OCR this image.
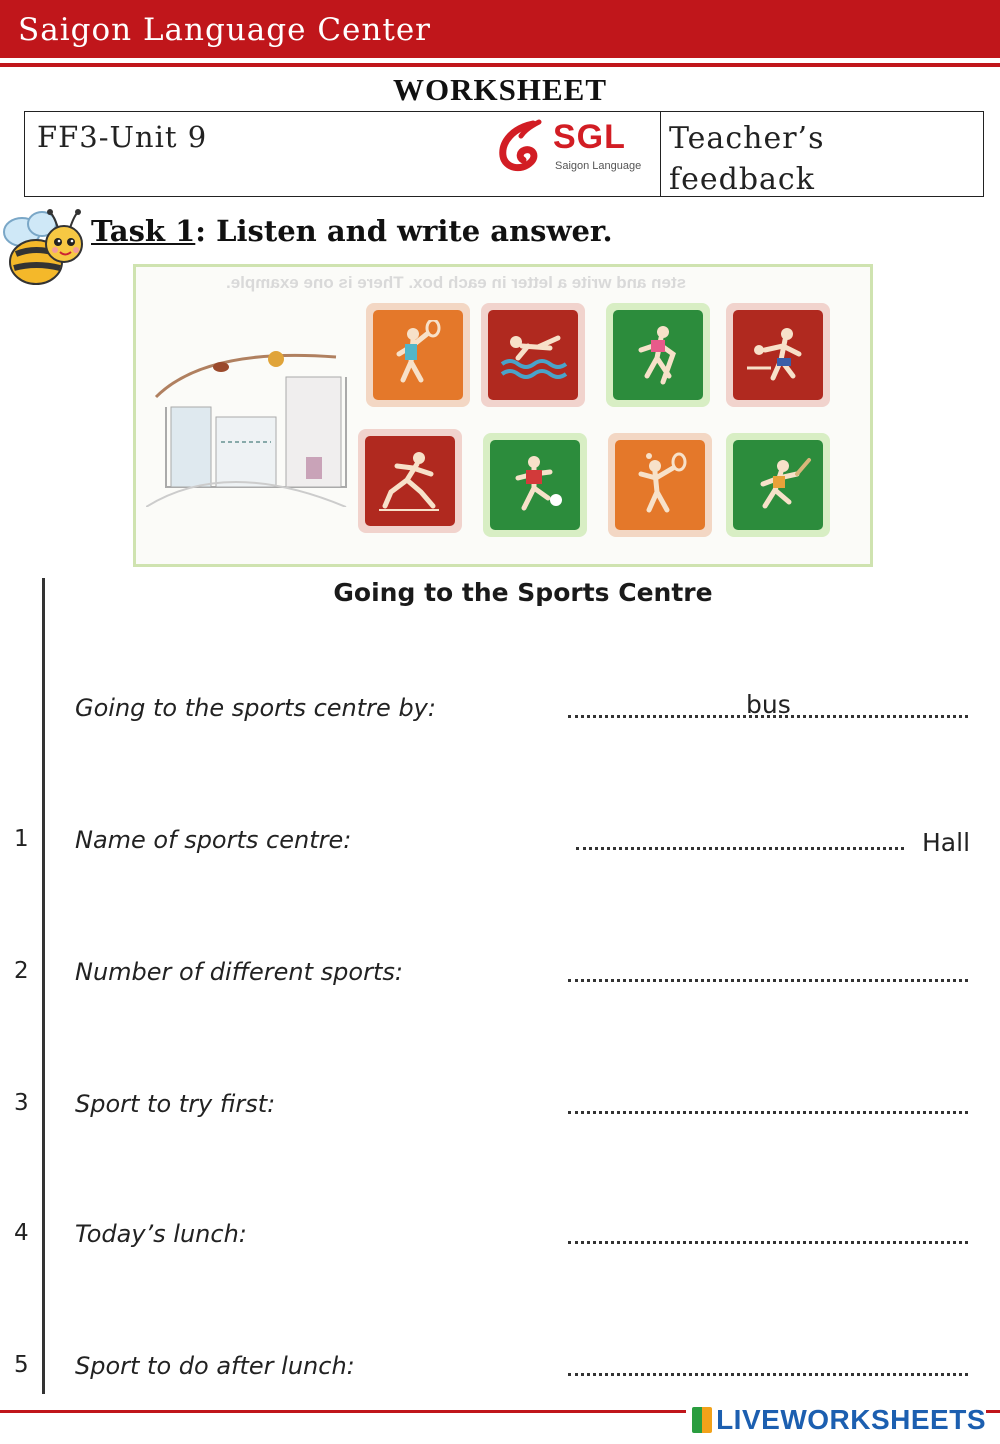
Saigon Language Center
WORKSHEET
FF3-Unit 9	SGL
Saigon Language
Teacher’s feedback
Task 1: Listen and write answer.
sten and write a letter in each box. There is one example.
Going to the Sports Centre
Going to the sports centre by:	bus
1 Name of sports centre:	Hall
2 Number of different sports:
3 Sport to try first:
4 Today’s lunch:
5 Sport to do after lunch:
LIVEWORKSHEETS
